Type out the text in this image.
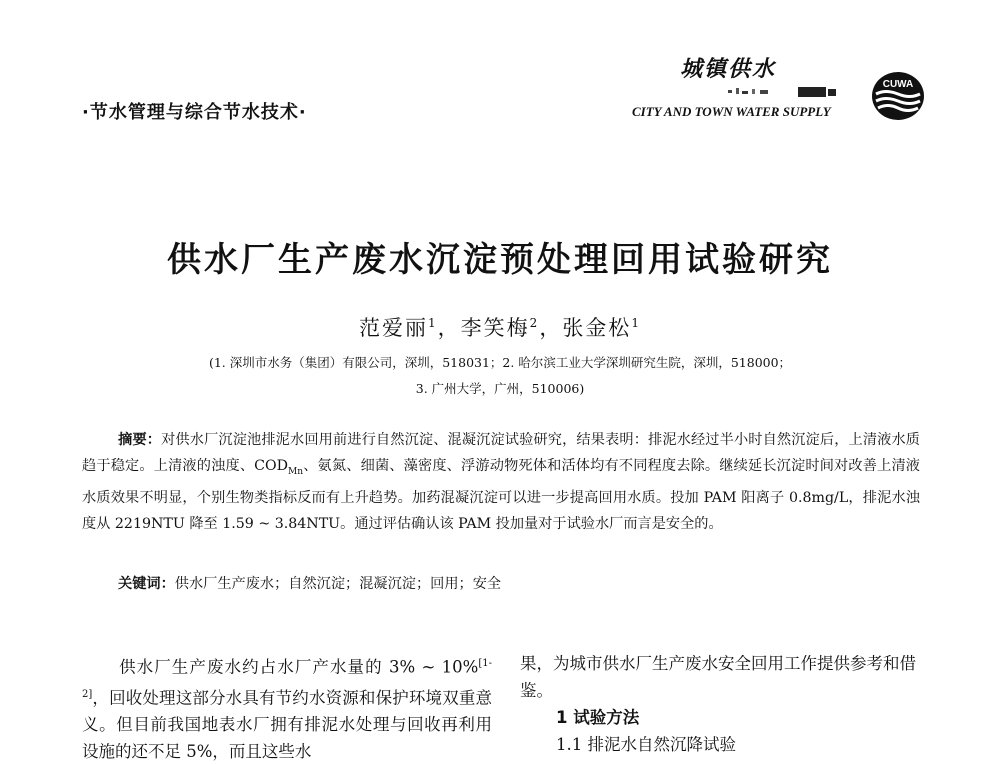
·节水管理与综合节水技术·
城镇供水
CITY AND TOWN WATER SUPPLY
CUWA
供水厂生产废水沉淀预处理回用试验研究
范爱丽$^1$，李笑梅$^2$，张金松$^1$
(1. 深圳市水务（集团）有限公司，深圳，518031；2. 哈尔滨工业大学深圳研究生院，深圳，518000；
3. 广州大学，广州，510006)
摘要：对供水厂沉淀池排泥水回用前进行自然沉淀、混凝沉淀试验研究，结果表明：排泥水经过半小时自然沉淀后，上清液水质趋于稳定。上清液的浊度、$COD_{Mn}$、氨氮、细菌、藻密度、浮游动物死体和活体均有不同程度去除。继续延长沉淀时间对改善上清液水质效果不明显，个别生物类指标反而有上升趋势。加药混凝沉淀可以进一步提高回用水质。投加 PAM 阳离子 0.8mg/L，排泥水浊度从 2219NTU 降至 1.59 ~ 3.84NTU。通过评估确认该 PAM 投加量对于试验水厂而言是安全的。
关键词：供水厂生产废水；自然沉淀；混凝沉淀；回用；安全
供水厂生产废水约占水厂产水量的 3% ~ 10%[1-2]，回收处理这部分水具有节约水资源和保护环境双重意义。但目前我国地表水厂拥有排泥水处理与回收再利用设施的还不足 5%，而且这些水
果，为城市供水厂生产废水安全回用工作提供参考和借鉴。
1 试验方法
1.1 排泥水自然沉降试验
